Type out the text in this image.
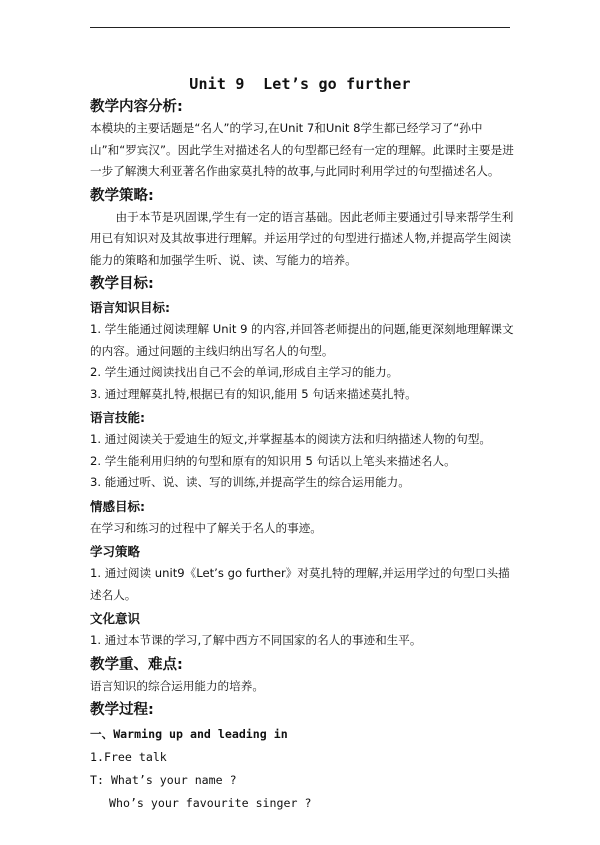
Unit 9  Let’s go further
教学内容分析:
本模块的主要话题是“名人”的学习,在Unit 7和Unit 8学生都已经学习了“孙中山”和“罗宾汉”。因此学生对描述名人的句型都已经有一定的理解。此课时主要是进一步了解澳大利亚著名作曲家莫扎特的故事,与此同时利用学过的句型描述名人。
教学策略:
由于本节是巩固课,学生有一定的语言基础。因此老师主要通过引导来帮学生利用已有知识对及其故事进行理解。并运用学过的句型进行描述人物,并提高学生阅读能力的策略和加强学生听、说、读、写能力的培养。
教学目标:
语言知识目标:
1. 学生能通过阅读理解 Unit 9 的内容,并回答老师提出的问题,能更深刻地理解课文的内容。通过问题的主线归纳出写名人的句型。
2. 学生通过阅读找出自己不会的单词,形成自主学习的能力。
3. 通过理解莫扎特,根据已有的知识,能用 5 句话来描述莫扎特。
语言技能:
1. 通过阅读关于爱迪生的短文,并掌握基本的阅读方法和归纳描述人物的句型。
2. 学生能利用归纳的句型和原有的知识用 5 句话以上笔头来描述名人。
3. 能通过听、说、读、写的训练,并提高学生的综合运用能力。
情感目标:
在学习和练习的过程中了解关于名人的事迹。
学习策略
1. 通过阅读 unit9《Let’s go further》对莫扎特的理解,并运用学过的句型口头描述名人。
文化意识
1. 通过本节课的学习,了解中西方不同国家的名人的事迹和生平。
教学重、难点:
语言知识的综合运用能力的培养。
教学过程:
一、Warming up and leading in
1.Free talk
T: What’s your name ?
Who’s your favourite singer ?
